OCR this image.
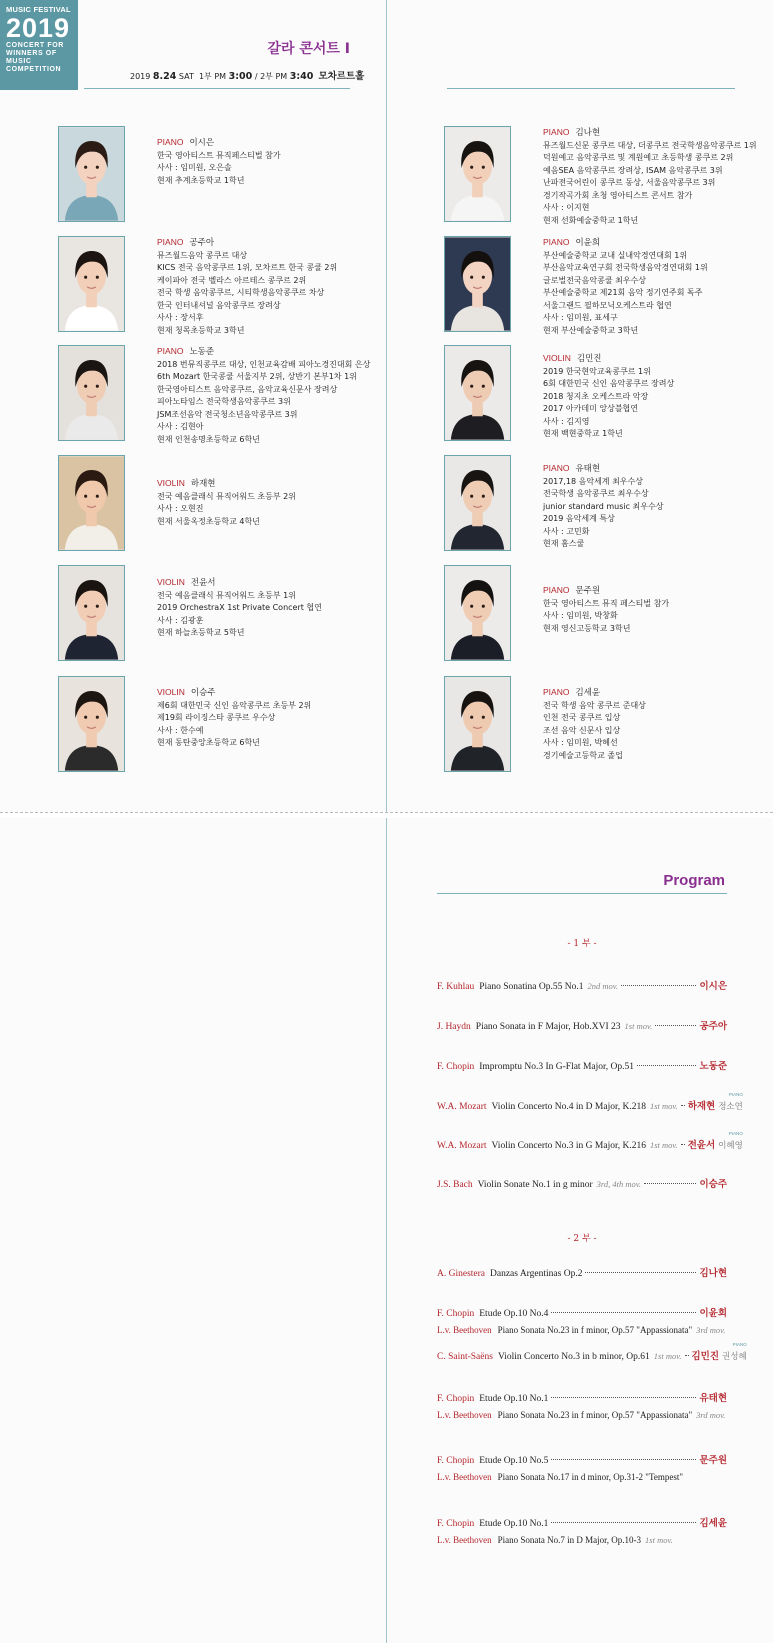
MUSIC FESTIVAL
2019
CONCERT FOR
WINNERS OF
MUSIC COMPETITION
갈라 콘서트 I
2019 8.24 SAT 1부 PM 3:00 / 2부 PM 3:40 모차르트홀
PIANO 이시은
한국 영아티스트 뮤직페스티벌 참가
사사 : 임미원, 오은솔
현재 추계초등학교 1학년
PIANO 공주아
뮤즈월드음악 콩쿠르 대상
KICS 전국 음악콩쿠르 1위, 모차르트 한국 콩쿨 2위
케이파아 전국 벨라스 아르테스 콩쿠르 2위
전국 학생 음악콩쿠르, 시티학생음악콩쿠르 차상
한국 인터내셔널 음악콩쿠르 장려상
사사 : 장서후
현재 청목초등학교 3학년
PIANO 노동준
2018 번뮤직콩쿠르 대상, 인천교육감배 피아노경진대회 은상
6th Mozart 한국콩쿨 서울지부 2위, 상반기 본부1차 1위
한국영아티스트 음악콩쿠르, 음악교육신문사 장려상
피아노타임스 전국학생음악콩쿠르 3위
JSM조선음악 전국청소년음악콩쿠르 3위
사사 : 김현아
현재 인천송명초등학교 6학년
VIOLIN 하재현
전국 예음클래식 뮤직어워드 초등부 2위
사사 : 오현진
현재 서울옥정초등학교 4학년
VIOLIN 전윤서
전국 예음클래식 뮤직어워드 초등부 1위
2019 OrchestraX 1st Private Concert 협연
사사 : 김광훈
현재 하늘초등학교 5학년
VIOLIN 이승주
제6회 대한민국 신인 음악콩쿠르 초등부 2위
제19회 라이징스타 콩쿠르 우수상
사사 : 한수예
현재 동탄중앙초등학교 6학년
PIANO 김나현
뮤즈월드신문 콩쿠르 대상, 더콩쿠르 전국학생음악콩쿠르 1위
덕원예고 음악콩쿠르 및 계원예고 초등학생 콩쿠르 2위
예음SEA 음악콩쿠르 장려상, ISAM 음악콩쿠르 3위
난파전국어린이 콩쿠르 동상, 서울음악콩쿠르 3위
경기작곡가회 초청 영아티스트 콘서트 참가
사사 : 이지현
현재 선화예술중학교 1학년
PIANO 이윤희
부산예술중학교 교내 실내악경연대회 1위
부산음악교육연구회 전국학생음악경연대회 1위
글로벌전국음악콩쿨 최우수상
부산예술중학교 제21회 음악 정기연주회 독주
서울그랜드 필하모닉오케스트라 협연
사사 : 임미원, 표세구
현재 부산예술중학교 3학년
VIOLIN 김민진
2019 한국현악교육콩쿠르 1위
6회 대한민국 신인 음악콩쿠르 장려상
2018 청지초 오케스트라 악장
2017 아카데미 앙상블협연
사사 : 김지영
현재 백현중학교 1학년
PIANO 유태현
2017,18 음악세계 최우수상
전국학생 음악콩쿠르 최우수상
junior standard music 최우수상
2019 음악세계 특상
사사 : 고민화
현재 홈스쿨
PIANO 문주원
한국 영아티스트 뮤직 페스티벌 참가
사사 : 임미원, 박창화
현재 영신고등학교 3학년
PIANO 김세윤
전국 학생 음악 콩쿠르 준대상
인천 전국 콩쿠르 입상
조선 음악 신문사 입상
사사 : 임미원, 박혜선
경기예술고등학교 졸업
Program
- 1 부 -
- 2 부 -
F. Kuhlau Piano Sonatina Op.55 No.1 2nd mov.	이시은
J. Haydn Piano Sonata in F Major, Hob.XVI 23 1st mov.	공주아
F. Chopin Impromptu No.3 In G-Flat Major, Op.51	노동준
W.A. Mozart Violin Concerto No.4 in D Major, K.218 1st mov. 하재현
PIANO
정소연
W.A. Mozart Violin Concerto No.3 in G Major, K.216 1st mov. 전윤서
PIANO
이혜영
J.S. Bach Violin Sonate No.1 in g minor 3rd, 4th mov.	이승주
A. Ginestera Danzas Argentinas Op.2	김나현
F. Chopin Etude Op.10 No.4	이윤희
L.v. Beethoven Piano Sonata No.23 in f minor, Op.57 "Appassionata" 3rd mov.
C. Saint-Saëns Violin Concerto No.3 in b minor, Op.61 1st mov. 김민진
PIANO
권성혜
F. Chopin Etude Op.10 No.1	유태현
L.v. Beethoven Piano Sonata No.23 in f minor, Op.57 "Appassionata" 3rd mov.
F. Chopin Etude Op.10 No.5	문주원
L.v. Beethoven Piano Sonata No.17 in d minor, Op.31-2 "Tempest"
F. Chopin Etude Op.10 No.1	김세윤
L.v. Beethoven Piano Sonata No.7 in D Major, Op.10-3 1st mov.
